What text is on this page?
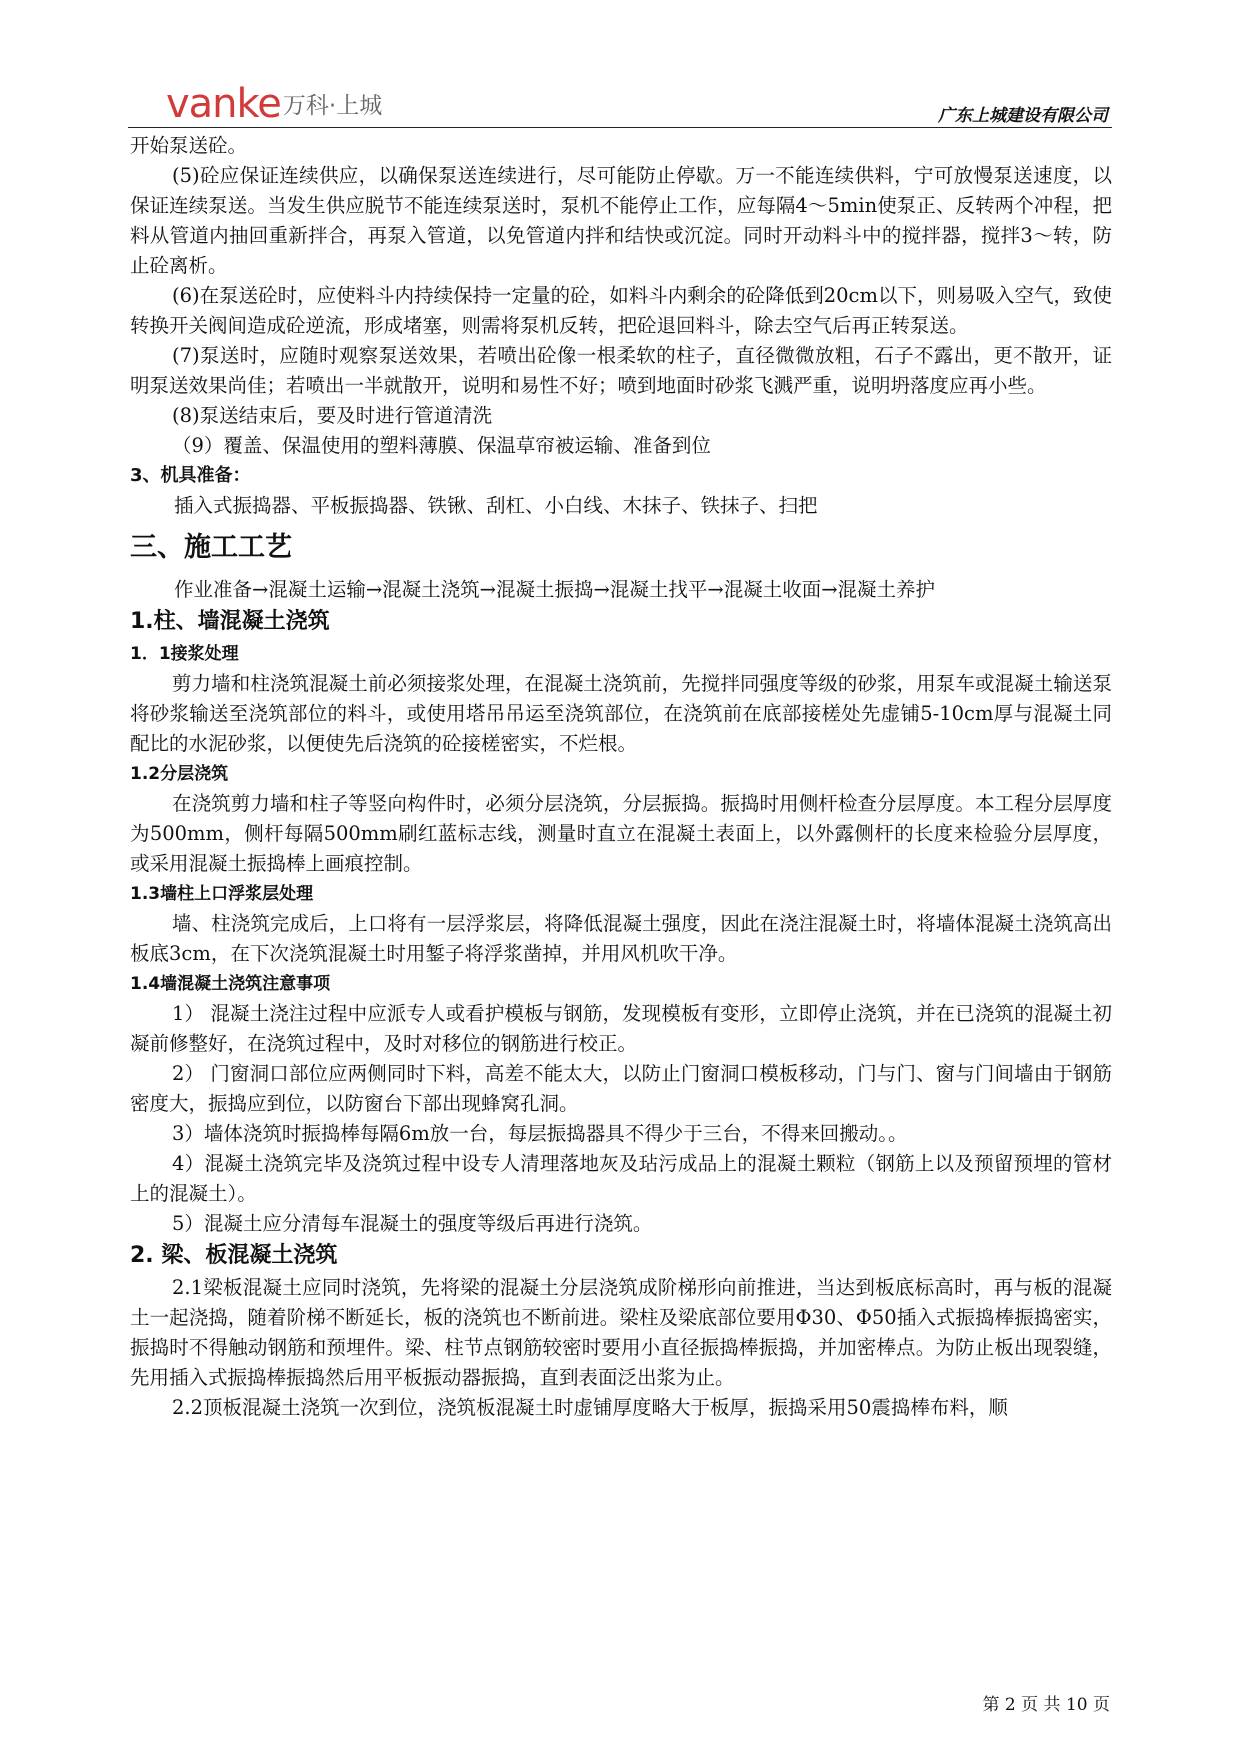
vanke万科·上城	广东上城建设有限公司

开始泵送砼。

(5)砼应保证连续供应，以确保泵送连续进行，尽可能防止停歇。万一不能连续供料，宁可放慢泵送速度，以保证连续泵送。当发生供应脱节不能连续泵送时，泵机不能停止工作，应每隔4～5min使泵正、反转两个冲程，把料从管道内抽回重新拌合，再泵入管道，以免管道内拌和结快或沉淀。同时开动料斗中的搅拌器，搅拌3～转，防止砼离析。

(6)在泵送砼时，应使料斗内持续保持一定量的砼，如料斗内剩余的砼降低到20cm以下，则易吸入空气，致使转换开关阀间造成砼逆流，形成堵塞，则需将泵机反转，把砼退回料斗，除去空气后再正转泵送。

(7)泵送时，应随时观察泵送效果，若喷出砼像一根柔软的柱子，直径微微放粗，石子不露出，更不散开，证明泵送效果尚佳；若喷出一半就散开，说明和易性不好；喷到地面时砂浆飞溅严重，说明坍落度应再小些。

(8)泵送结束后，要及时进行管道清洗

（9）覆盖、保温使用的塑料薄膜、保温草帘被运输、准备到位

3、机具准备：

插入式振捣器、平板振捣器、铁锹、刮杠、小白线、木抹子、铁抹子、扫把

三、施工工艺

作业准备→混凝土运输→混凝土浇筑→混凝土振捣→混凝土找平→混凝土收面→混凝土养护

1.柱、墙混凝土浇筑

1．1接浆处理

剪力墙和柱浇筑混凝土前必须接浆处理，在混凝土浇筑前，先搅拌同强度等级的砂浆，用泵车或混凝土输送泵将砂浆输送至浇筑部位的料斗，或使用塔吊吊运至浇筑部位，在浇筑前在底部接槎处先虚铺5-10cm厚与混凝土同配比的水泥砂浆，以便使先后浇筑的砼接槎密实，不烂根。

1.2分层浇筑

在浇筑剪力墙和柱子等竖向构件时，必须分层浇筑，分层振捣。振捣时用侧杆检查分层厚度。本工程分层厚度为500mm，侧杆每隔500mm刷红蓝标志线，测量时直立在混凝土表面上，以外露侧杆的长度来检验分层厚度，或采用混凝土振捣棒上画痕控制。

1.3墙柱上口浮浆层处理

墙、柱浇筑完成后，上口将有一层浮浆层，将降低混凝土强度，因此在浇注混凝土时，将墙体混凝土浇筑高出板底3cm，在下次浇筑混凝土时用錾子将浮浆凿掉，并用风机吹干净。

1.4墙混凝土浇筑注意事项

1） 混凝土浇注过程中应派专人或看护模板与钢筋，发现模板有变形，立即停止浇筑，并在已浇筑的混凝土初凝前修整好，在浇筑过程中，及时对移位的钢筋进行校正。

2） 门窗洞口部位应两侧同时下料，高差不能太大，以防止门窗洞口模板移动，门与门、窗与门间墙由于钢筋密度大，振捣应到位，以防窗台下部出现蜂窝孔洞。

3）墙体浇筑时振捣棒每隔6m放一台，每层振捣器具不得少于三台，不得来回搬动。。

4）混凝土浇筑完毕及浇筑过程中设专人清理落地灰及玷污成品上的混凝土颗粒（钢筋上以及预留预埋的管材上的混凝土）。

5）混凝土应分清每车混凝土的强度等级后再进行浇筑。

2. 梁、板混凝土浇筑

2.1梁板混凝土应同时浇筑，先将梁的混凝土分层浇筑成阶梯形向前推进，当达到板底标高时，再与板的混凝土一起浇捣，随着阶梯不断延长，板的浇筑也不断前进。梁柱及梁底部位要用Φ30、Φ50插入式振捣棒振捣密实，振捣时不得触动钢筋和预埋件。梁、柱节点钢筋较密时要用小直径振捣棒振捣，并加密棒点。为防止板出现裂缝，先用插入式振捣棒振捣然后用平板振动器振捣，直到表面泛出浆为止。

2.2顶板混凝土浇筑一次到位，浇筑板混凝土时虚铺厚度略大于板厚，振捣采用50震捣棒布料，顺

第 2 页 共 10 页
